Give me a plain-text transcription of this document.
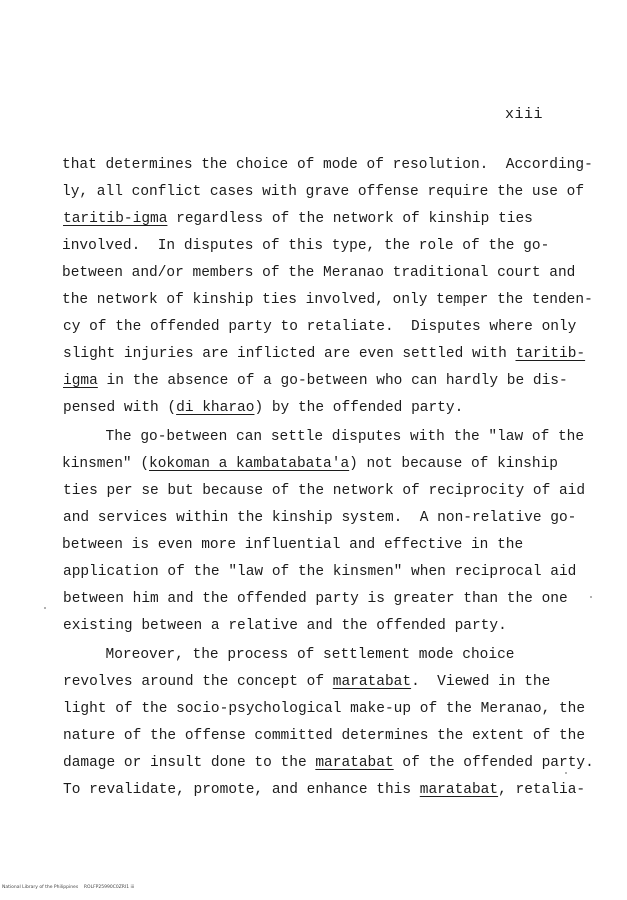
xiii
that determines the choice of mode of resolution.  According-
ly, all conflict cases with grave offense require the use of
taritib-igma regardless of the network of kinship ties
involved.  In disputes of this type, the role of the go-
between and/or members of the Meranao traditional court and
the network of kinship ties involved, only temper the tenden-
cy of the offended party to retaliate.  Disputes where only
slight injuries are inflicted are even settled with taritib-
igma in the absence of a go-between who can hardly be dis-
pensed with (di kharao) by the offended party.
The go-between can settle disputes with the "law of the
kinsmen" (kokoman a kambatabata'a) not because of kinship
ties per se but because of the network of reciprocity of aid
and services within the kinship system.  A non-relative go-
between is even more influential and effective in the
application of the "law of the kinsmen" when reciprocal aid
between him and the offended party is greater than the one
existing between a relative and the offended party.
Moreover, the process of settlement mode choice
revolves around the concept of maratabat.  Viewed in the
light of the socio-psychological make-up of the Meranao, the
nature of the offense committed determines the extent of the
damage or insult done to the maratabat of the offended party.
To revalidate, promote, and enhance this maratabat, retalia-
National Library of the Philippines    ROLFP25990C0ZRI1 iii
